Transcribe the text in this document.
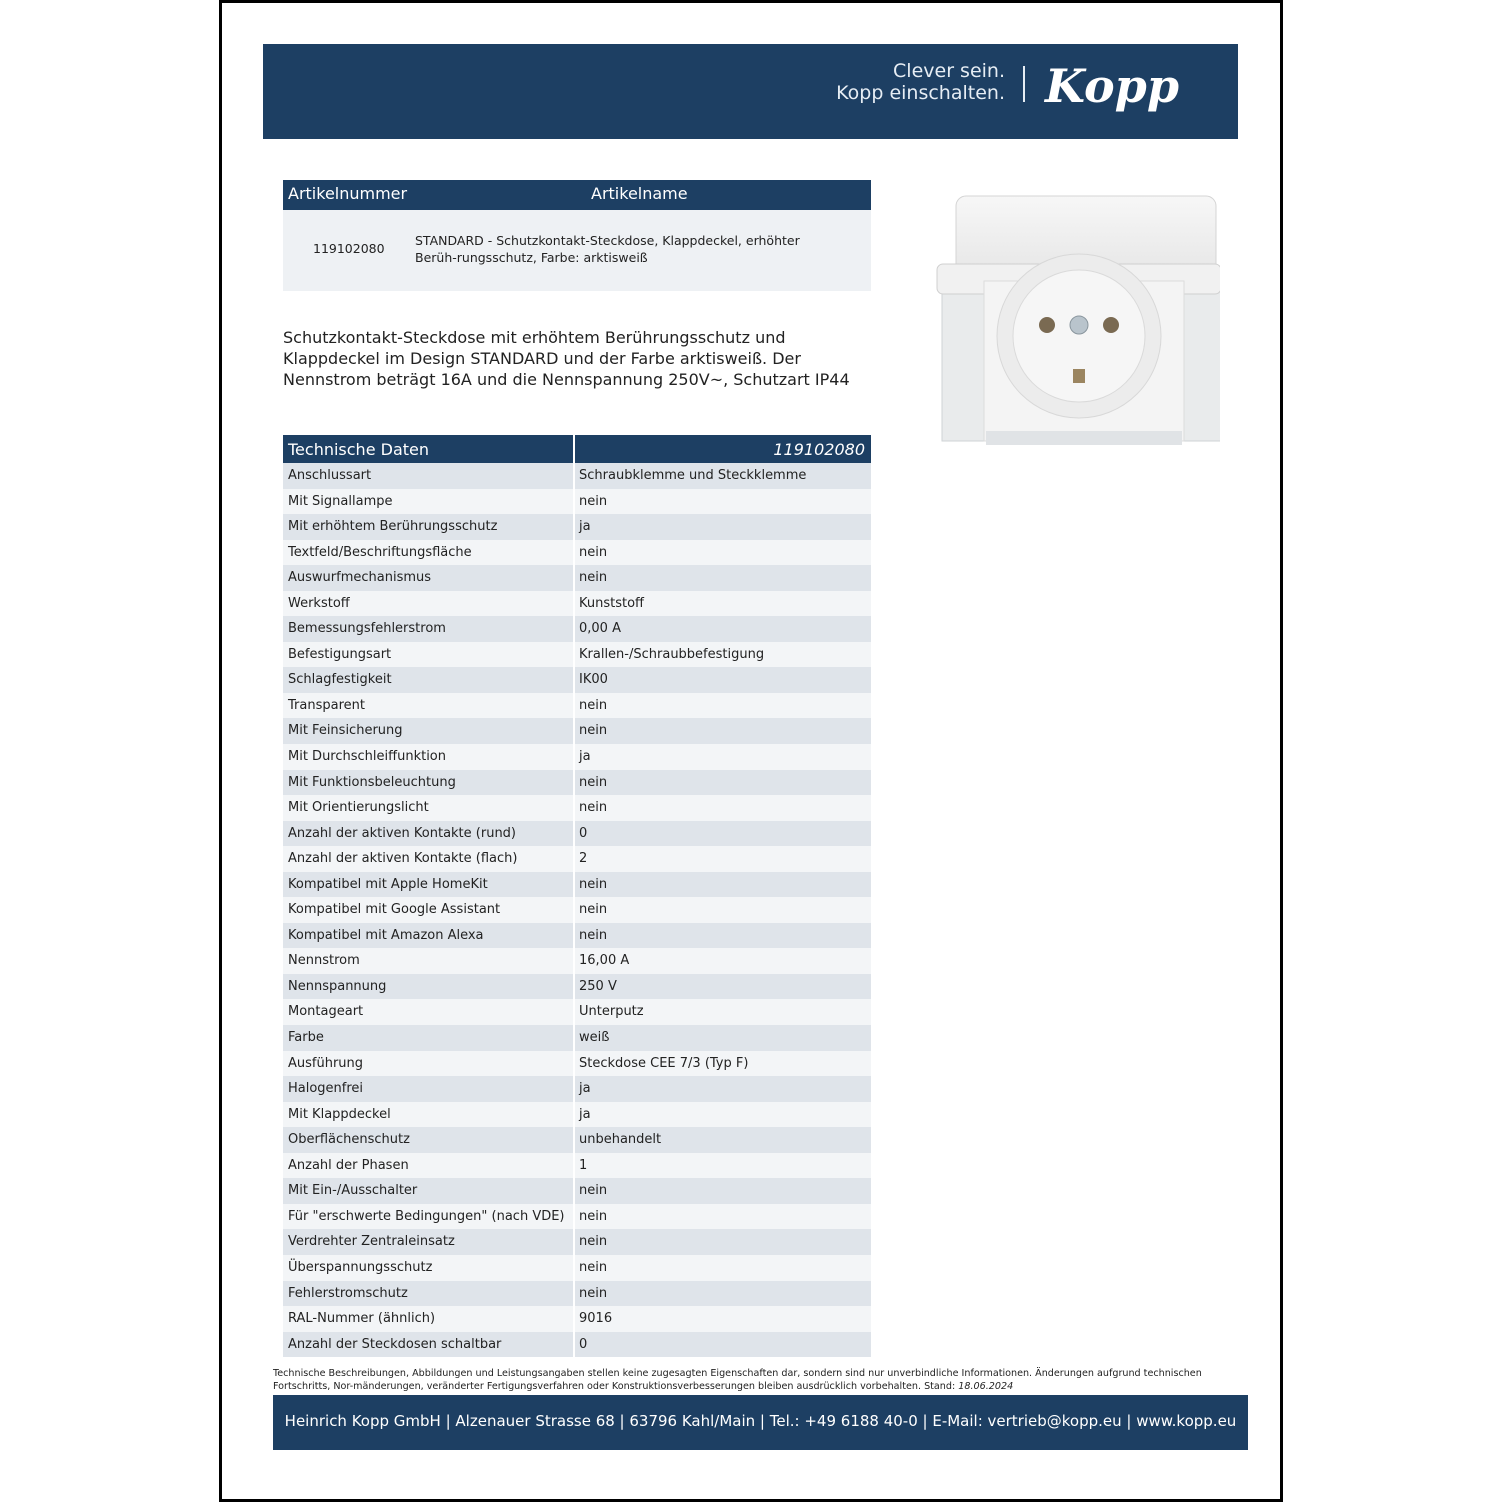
Clever sein.
Kopp einschalten. Kopp
Artikelnummer	Artikelname
119102080
STANDARD - Schutzkontakt-Steckdose, Klappdeckel, erhöhter Berüh-rungsschutz, Farbe: arktisweiß
Schutzkontakt-Steckdose mit erhöhtem Berührungsschutz und Klappdeckel im Design STANDARD und der Farbe arktisweiß. Der Nennstrom beträgt 16A und die Nennspannung 250V~, Schutzart IP44
Technische Daten	119102080
Anschlussart	Schraubklemme und Steckklemme
Mit Signallampe	nein
Mit erhöhtem Berührungsschutz	ja
Textfeld/Beschriftungsfläche	nein
Auswurfmechanismus	nein
Werkstoff	Kunststoff
Bemessungsfehlerstrom	0,00 A
Befestigungsart	Krallen-/Schraubbefestigung
Schlagfestigkeit	IK00
Transparent	nein
Mit Feinsicherung	nein
Mit Durchschleiffunktion	ja
Mit Funktionsbeleuchtung	nein
Mit Orientierungslicht	nein
Anzahl der aktiven Kontakte (rund)	0
Anzahl der aktiven Kontakte (flach)	2
Kompatibel mit Apple HomeKit	nein
Kompatibel mit Google Assistant	nein
Kompatibel mit Amazon Alexa	nein
Nennstrom	16,00 A
Nennspannung	250 V
Montageart	Unterputz
Farbe	weiß
Ausführung	Steckdose CEE 7/3 (Typ F)
Halogenfrei	ja
Mit Klappdeckel	ja
Oberflächenschutz	unbehandelt
Anzahl der Phasen	1
Mit Ein-/Ausschalter	nein
Für "erschwerte Bedingungen" (nach VDE) nein
Verdrehter Zentraleinsatz	nein
Überspannungsschutz	nein
Fehlerstromschutz	nein
RAL-Nummer (ähnlich)	9016
Anzahl der Steckdosen schaltbar	0
Technische Beschreibungen, Abbildungen und Leistungsangaben stellen keine zugesagten Eigenschaften dar, sondern sind nur unverbindliche Informationen. Änderungen aufgrund technischen Fortschritts, Nor-mänderungen, veränderter Fertigungsverfahren oder Konstruktionsverbesserungen bleiben ausdrücklich vorbehalten. Stand: 18.06.2024
Heinrich Kopp GmbH | Alzenauer Strasse 68 | 63796 Kahl/Main | Tel.: +49 6188 40-0 | E-Mail: vertrieb@kopp.eu | www.kopp.eu
